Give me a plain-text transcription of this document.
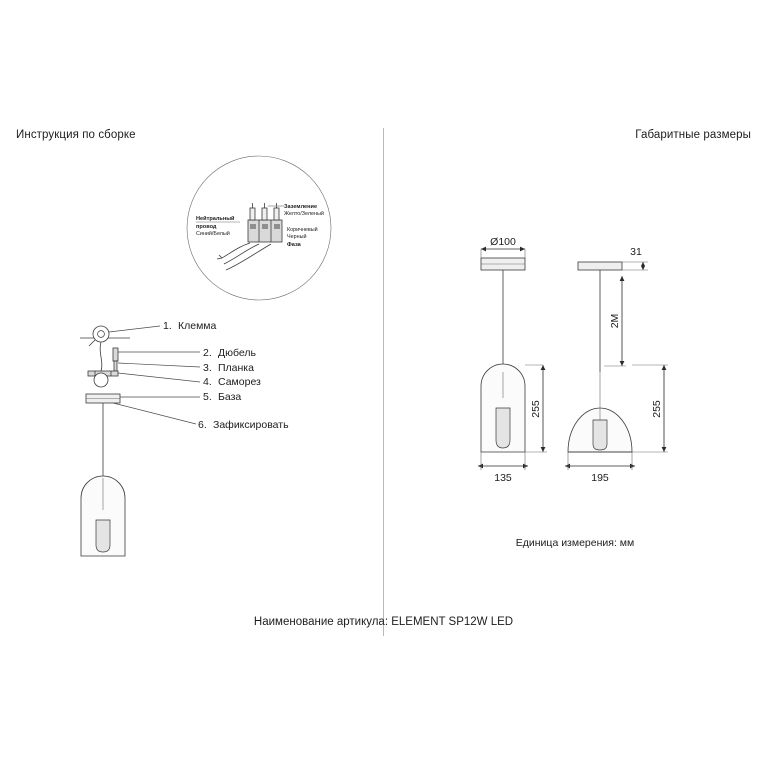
Инструкция по сборке	Габаритные размеры
Единица измерения: мм
Наименование артикула: ELEMENT SP12W LED
Нейтральный
провод
Синий/Белый
Заземление
Желто/Зеленый
Коричневый
Черный
Фаза
1. Клемма
2. Дюбель
3. Планка
4. Саморез
5. База
6. Зафиксировать
Ø100
255
135
31
2M
255
195
